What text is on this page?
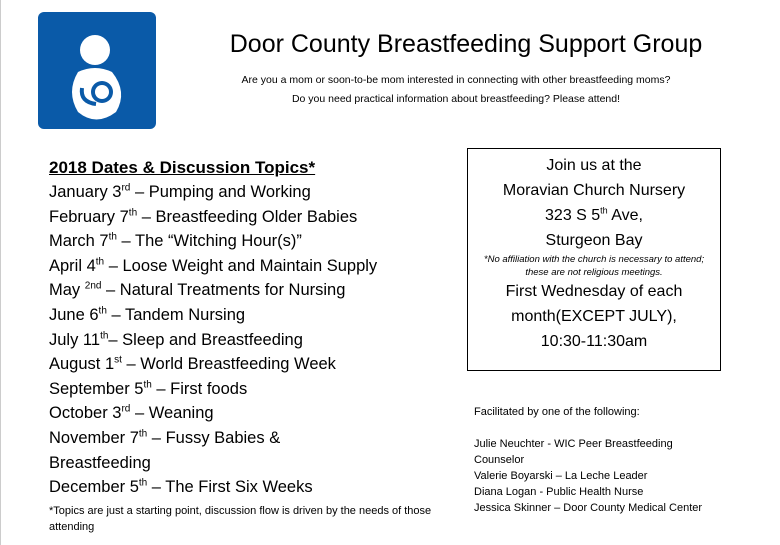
Door County Breastfeeding Support Group
Are you a mom or soon-to-be mom interested in connecting with other breastfeeding moms?
Do you need practical information about breastfeeding? Please attend!
2018 Dates & Discussion Topics*
January 3rd – Pumping and Working
February 7th – Breastfeeding Older Babies
March 7th – The “Witching Hour(s)”
April 4th – Loose Weight and Maintain Supply
May $^{2nd}$ – Natural Treatments for Nursing
June 6th – Tandem Nursing
July 11th– Sleep and Breastfeeding
August 1st – World Breastfeeding Week
September 5th – First foods
October 3rd – Weaning
November 7th – Fussy Babies &
Breastfeeding
December 5th – The First Six Weeks
*Topics are just a starting point, discussion flow is driven by the needs of those attending
Join us at the
Moravian Church Nursery
323 S 5th Ave,
Sturgeon Bay
*No affiliation with the church is necessary to attend; these are not religious meetings.
First Wednesday of each
month(EXCEPT JULY),
10:30-11:30am
Facilitated by one of the following:
Julie Neuchter - WIC Peer Breastfeeding Counselor
Valerie Boyarski – La Leche Leader
Diana Logan - Public Health Nurse
Jessica Skinner – Door County Medical Center
